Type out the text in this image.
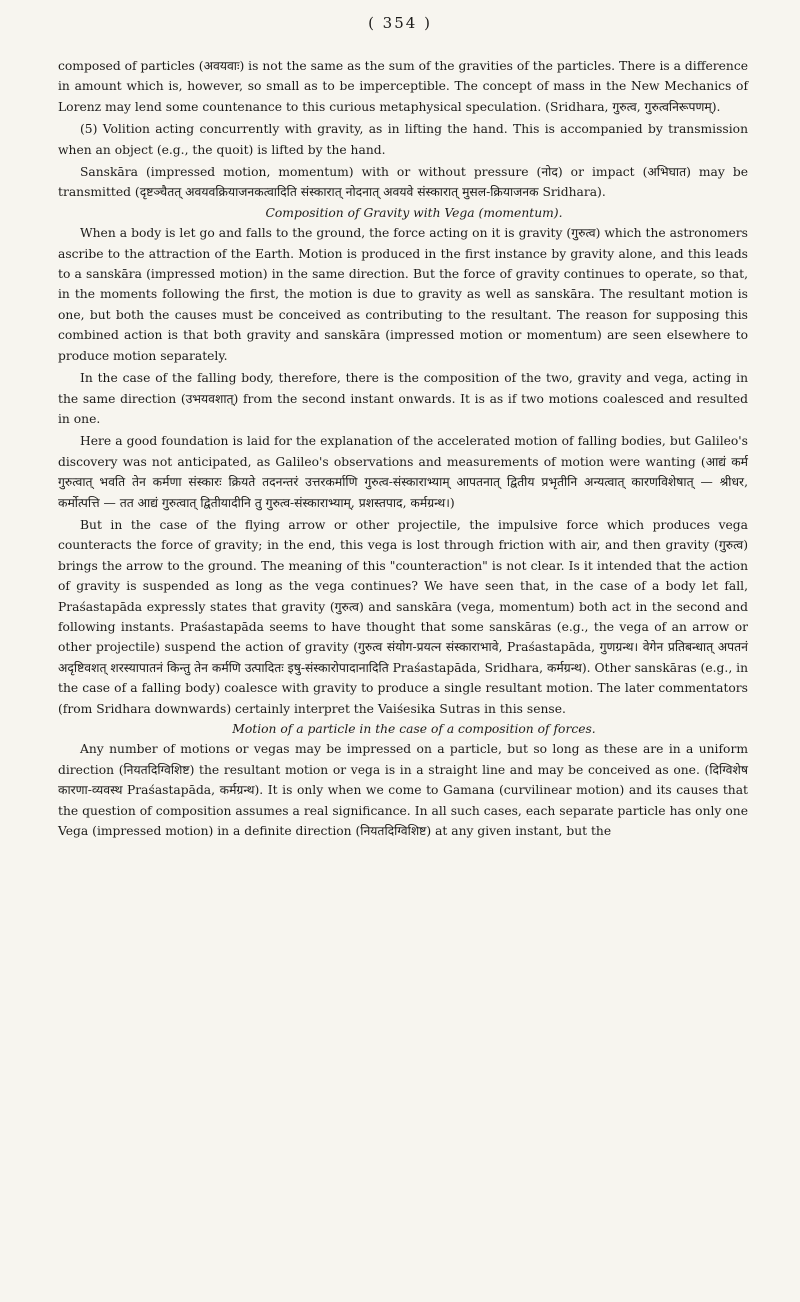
( 354 )

composed of particles (अवयवाः) is not the same as the sum of the gravities of the particles. There is a difference in amount which is, however, so small as to be imperceptible. The concept of mass in the New Mechanics of Lorenz may lend some countenance to this curious metaphysical speculation. (Sridhara, गुरुत्व, गुरुत्वनिरूपणम्).

(5) Volition acting concurrently with gravity, as in lifting the hand. This is accompanied by transmission when an object (e.g., the quoit) is lifted by the hand.

Sanskāra (impressed motion, momentum) with or without pressure (नोद) or impact (अभिघात) may be transmitted (दृष्टञ्चैतत् अवयवक्रियाजनकत्वादिति संस्कारात् नोदनात् अवयवे संस्कारात् मुसल-क्रियाजनक Sridhara).

Composition of Gravity with Vega (momentum).

When a body is let go and falls to the ground, the force acting on it is gravity (गुरुत्व) which the astronomers ascribe to the attraction of the Earth. Motion is produced in the first instance by gravity alone, and this leads to a sanskāra (impressed motion) in the same direction. But the force of gravity continues to operate, so that, in the moments following the first, the motion is due to gravity as well as sanskāra. The resultant motion is one, but both the causes must be conceived as contributing to the resultant. The reason for supposing this combined action is that both gravity and sanskāra (impressed motion or momentum) are seen elsewhere to produce motion separately.

In the case of the falling body, therefore, there is the composition of the two, gravity and vega, acting in the same direction (उभयवशात्) from the second instant onwards. It is as if two motions coalesced and resulted in one.

Here a good foundation is laid for the explanation of the accelerated motion of falling bodies, but Galileo's discovery was not anticipated, as Galileo's observations and measurements of motion were wanting (आद्यं कर्म गुरुत्वात् भवति तेन कर्मणा संस्कारः क्रियते तदनन्तरं उत्तरकर्माणि गुरुत्व-संस्काराभ्याम् आपतनात् द्वितीय प्रभृतीनि अन्यत्वात् कारणविशेषात् — श्रीधर, कर्मोत्पत्ति — तत आद्यं गुरुत्वात् द्वितीयादीनि तु गुरुत्व-संस्काराभ्याम्, प्रशस्तपाद, कर्मग्रन्थ।)

But in the case of the flying arrow or other projectile, the impulsive force which produces vega counteracts the force of gravity; in the end, this vega is lost through friction with air, and then gravity (गुरुत्व) brings the arrow to the ground. The meaning of this "counteraction" is not clear. Is it intended that the action of gravity is suspended as long as the vega continues? We have seen that, in the case of a body let fall, Praśastapāda expressly states that gravity (गुरुत्व) and sanskāra (vega, momentum) both act in the second and following instants. Praśastapāda seems to have thought that some sanskāras (e.g., the vega of an arrow or other projectile) suspend the action of gravity (गुरुत्व संयोग-प्रयत्न संस्काराभावे, Praśastapāda, गुणग्रन्थ। वेगेन प्रतिबन्धात् अपतनं अदृष्टिवशत् शरस्यापातनं किन्तु तेन कर्मणि उत्पादितः इषु-संस्कारोपादानादिति Praśastapāda, Sridhara, कर्मग्रन्थ). Other sanskāras (e.g., in the case of a falling body) coalesce with gravity to produce a single resultant motion. The later commentators (from Sridhara downwards) certainly interpret the Vaiśesika Sutras in this sense.

Motion of a particle in the case of a composition of forces.

Any number of motions or vegas may be impressed on a particle, but so long as these are in a uniform direction (नियतदिग्विशिष्ट) the resultant motion or vega is in a straight line and may be conceived as one. (दिग्विशेष कारणा-व्यवस्थ Praśastapāda, कर्मग्रन्थ). It is only when we come to Gamana (curvilinear motion) and its causes that the question of composition assumes a real significance. In all such cases, each separate particle has only one Vega (impressed motion) in a definite direction (नियतदिग्विशिष्ट) at any given instant, but the
